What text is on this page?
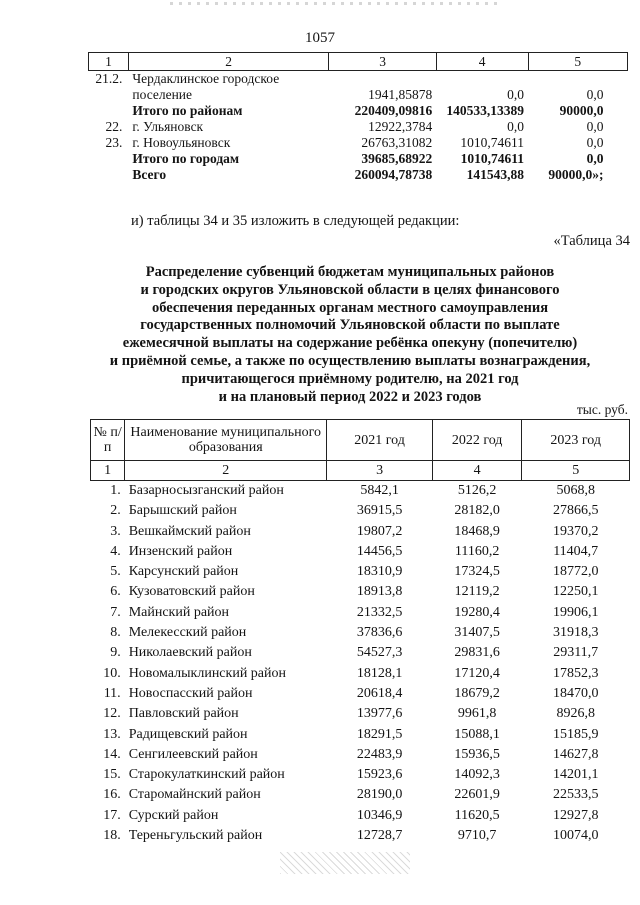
1057
1	2	3	4	5
21.2.	Чердаклинское городское			
	поселение	1941,85878	0,0	0,0
	Итого по районам	220409,09816	140533,13389	90000,0
22.	г. Ульяновск	12922,3784	0,0	0,0
23.	г. Новоульяновск	26763,31082	1010,74611	0,0
	Итого по городам	39685,68922	1010,74611	0,0
	Всего	260094,78738	141543,88	90000,0»;
и) таблицы 34 и 35 изложить в следующей редакции:
«Таблица 34
Распределение субвенций бюджетам муниципальных районов
и городских округов Ульяновской области в целях финансового
обеспечения переданных органам местного самоуправления
государственных полномочий Ульяновской области по выплате
ежемесячной выплаты на содержание ребёнка опекуну (попечителю)
и приёмной семье, а также по осуществлению выплаты вознаграждения,
причитающегося приёмному родителю, на 2021 год
и на плановый период 2022 и 2023 годов
тыс. руб.
№ п/п	Наименование муниципального образования	2021 год	2022 год	2023 год
1	2	3	4	5
1.	Базарносызганский район	5842,1	5126,2	5068,8
2.	Барышский район	36915,5	28182,0	27866,5
3.	Вешкаймский район	19807,2	18468,9	19370,2
4.	Инзенский район	14456,5	11160,2	11404,7
5.	Карсунский район	18310,9	17324,5	18772,0
6.	Кузоватовский район	18913,8	12119,2	12250,1
7.	Майнский район	21332,5	19280,4	19906,1
8.	Мелекесский район	37836,6	31407,5	31918,3
9.	Николаевский район	54527,3	29831,6	29311,7
10.	Новомалыклинский район	18128,1	17120,4	17852,3
11.	Новоспасский район	20618,4	18679,2	18470,0
12.	Павловский район	13977,6	9961,8	8926,8
13.	Радищевский район	18291,5	15088,1	15185,9
14.	Сенгилеевский район	22483,9	15936,5	14627,8
15.	Старокулаткинский район	15923,6	14092,3	14201,1
16.	Старомайнский район	28190,0	22601,9	22533,5
17.	Сурский район	10346,9	11620,5	12927,8
18.	Тереньгульский район	12728,7	9710,7	10074,0
